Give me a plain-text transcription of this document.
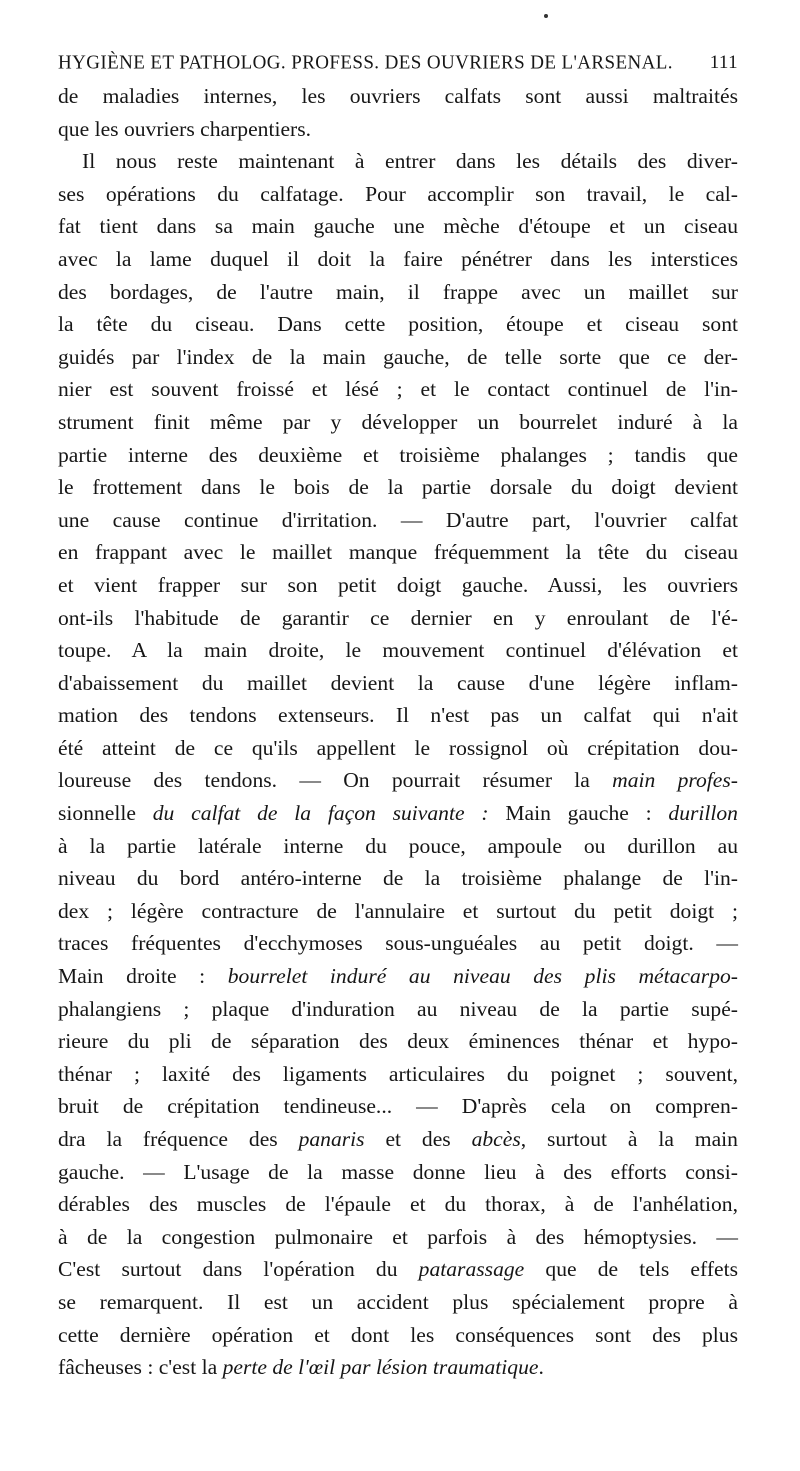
HYGIÈNE ET PATHOLOG. PROFESS. DES OUVRIERS DE L'ARSENAL. 111
de maladies internes, les ouvriers calfats sont aussi maltraités
que les ouvriers charpentiers.
Il nous reste maintenant à entrer dans les détails des diver-
ses opérations du calfatage. Pour accomplir son travail, le cal-
fat tient dans sa main gauche une mèche d'étoupe et un ciseau
avec la lame duquel il doit la faire pénétrer dans les interstices
des bordages, de l'autre main, il frappe avec un maillet sur
la tête du ciseau. Dans cette position, étoupe et ciseau sont
guidés par l'index de la main gauche, de telle sorte que ce der-
nier est souvent froissé et lésé ; et le contact continuel de l'in-
strument finit même par y développer un bourrelet induré à la
partie interne des deuxième et troisième phalanges ; tandis que
le frottement dans le bois de la partie dorsale du doigt devient
une cause continue d'irritation. — D'autre part, l'ouvrier calfat
en frappant avec le maillet manque fréquemment la tête du ciseau
et vient frapper sur son petit doigt gauche. Aussi, les ouvriers
ont-ils l'habitude de garantir ce dernier en y enroulant de l'é-
toupe. A la main droite, le mouvement continuel d'élévation et
d'abaissement du maillet devient la cause d'une légère inflam-
mation des tendons extenseurs. Il n'est pas un calfat qui n'ait
été atteint de ce qu'ils appellent le rossignol où crépitation dou-
loureuse des tendons. — On pourrait résumer la main profes-
sionnelle du calfat de la façon suivante : Main gauche : durillon
à la partie latérale interne du pouce, ampoule ou durillon au
niveau du bord antéro-interne de la troisième phalange de l'in-
dex ; légère contracture de l'annulaire et surtout du petit doigt ;
traces fréquentes d'ecchymoses sous-unguéales au petit doigt. —
Main droite : bourrelet induré au niveau des plis métacarpo-
phalangiens ; plaque d'induration au niveau de la partie supé-
rieure du pli de séparation des deux éminences thénar et hypo-
thénar ; laxité des ligaments articulaires du poignet ; souvent,
bruit de crépitation tendineuse... — D'après cela on compren-
dra la fréquence des panaris et des abcès, surtout à la main
gauche. — L'usage de la masse donne lieu à des efforts consi-
dérables des muscles de l'épaule et du thorax, à de l'anhélation,
à de la congestion pulmonaire et parfois à des hémoptysies. —
C'est surtout dans l'opération du patarassage que de tels effets
se remarquent. Il est un accident plus spécialement propre à
cette dernière opération et dont les conséquences sont des plus
fâcheuses : c'est la perte de l'œil par lésion traumatique.
